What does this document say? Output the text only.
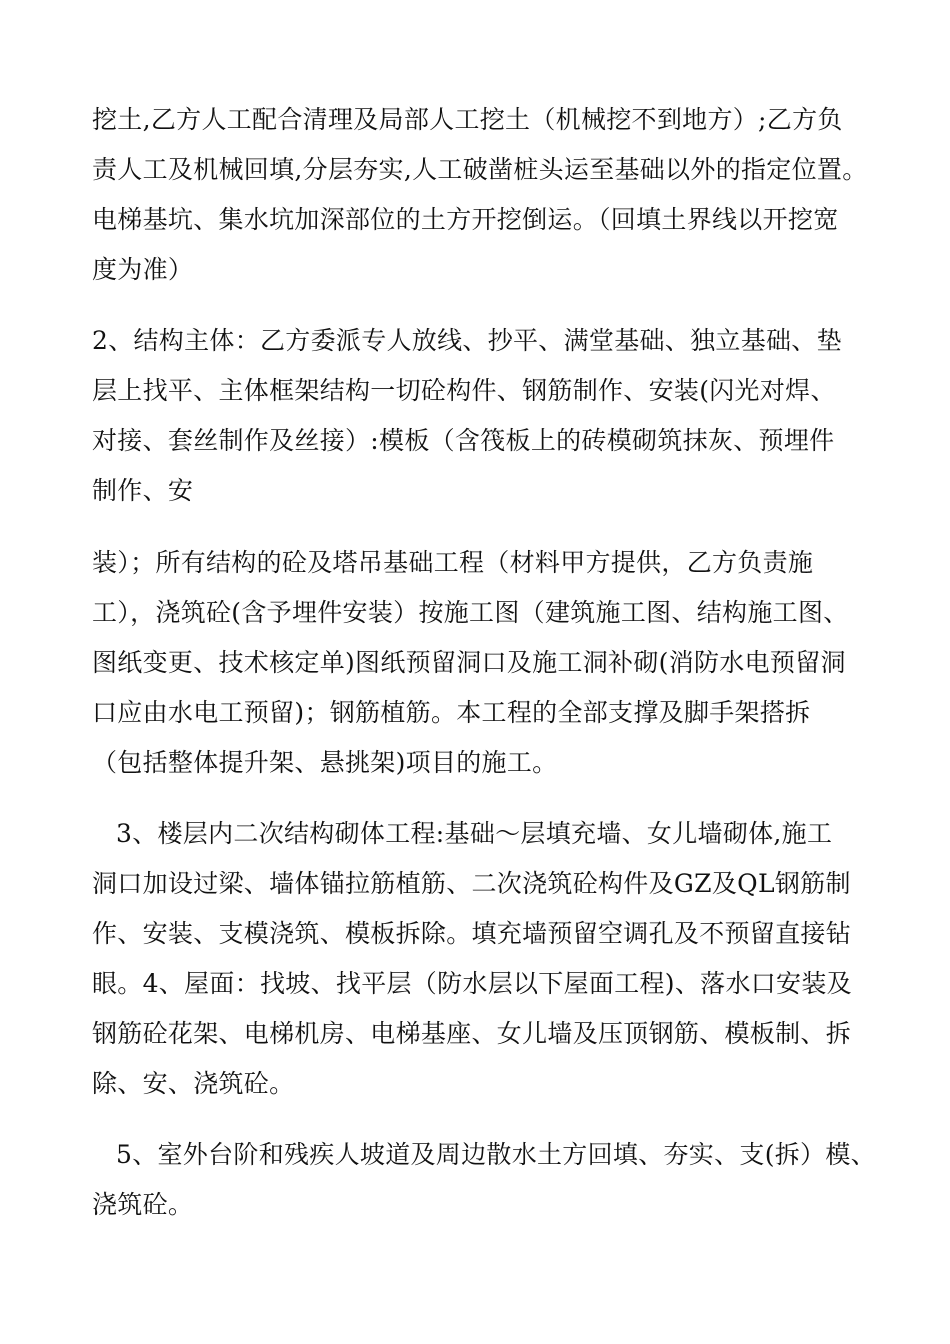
挖土,乙方人工配合清理及局部人工挖土（机械挖不到地方）;乙方负

责人工及机械回填,分层夯实,人工破凿桩头运至基础以外的指定位置。

电梯基坑、集水坑加深部位的土方开挖倒运。（回填土界线以开挖宽

度为准）

2、结构主体：乙方委派专人放线、抄平、满堂基础、独立基础、垫

层上找平、主体框架结构一切砼构件、钢筋制作、安装(闪光对焊、

对接、套丝制作及丝接）:模板（含筏板上的砖模砌筑抹灰、预埋件

制作、安

装）；所有结构的砼及塔吊基础工程（材料甲方提供，乙方负责施

工），浇筑砼(含予埋件安装）按施工图（建筑施工图、结构施工图、

图纸变更、技术核定单)图纸预留洞口及施工洞补砌(消防水电预留洞

口应由水电工预留)；钢筋植筋。本工程的全部支撑及脚手架搭拆

（包括整体提升架、悬挑架)项目的施工。

3、楼层内二次结构砌体工程:基础～层填充墙、女儿墙砌体,施工

洞口加设过梁、墙体锚拉筋植筋、二次浇筑砼构件及GZ及QL钢筋制

作、安装、支模浇筑、模板拆除。填充墙预留空调孔及不预留直接钻

眼。4、屋面：找坡、找平层（防水层以下屋面工程)、落水口安装及

钢筋砼花架、电梯机房、电梯基座、女儿墙及压顶钢筋、模板制、拆

除、安、浇筑砼。

5、室外台阶和残疾人坡道及周边散水土方回填、夯实、支(拆）模、

浇筑砼。
